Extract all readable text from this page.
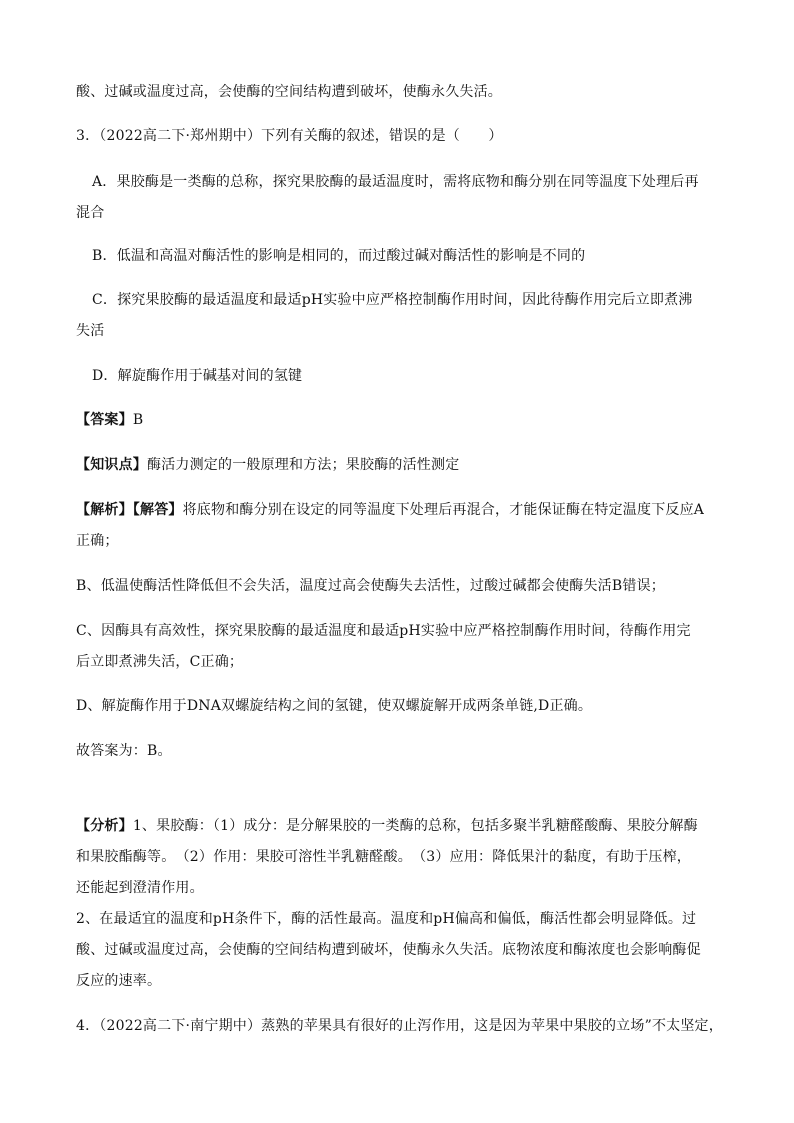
酸、过碱或温度过高，会使酶的空间结构遭到破坏，使酶永久失活。
3．（2022高二下·郑州期中）下列有关酶的叙述，错误的是（　　）
A．果胶酶是一类酶的总称，探究果胶酶的最适温度时，需将底物和酶分别在同等温度下处理后再
混合
B．低温和高温对酶活性的影响是相同的，而过酸过碱对酶活性的影响是不同的
C．探究果胶酶的最适温度和最适pH实验中应严格控制酶作用时间，因此待酶作用完后立即煮沸
失活
D．解旋酶作用于碱基对间的氢键
【答案】B
【知识点】酶活力测定的一般原理和方法；果胶酶的活性测定
【解析】【解答】将底物和酶分别在设定的同等温度下处理后再混合，才能保证酶在特定温度下反应A
正确；
B、低温使酶活性降低但不会失活，温度过高会使酶失去活性，过酸过碱都会使酶失活B错误；
C、因酶具有高效性，探究果胶酶的最适温度和最适pH实验中应严格控制酶作用时间，待酶作用完
后立即煮沸失活，C正确；
D、解旋酶作用于DNA双螺旋结构之间的氢键，使双螺旋解开成两条单链,D正确。
故答案为：B。
【分析】1、果胶酶：（1）成分：是分解果胶的一类酶的总称，包括多聚半乳糖醛酸酶、果胶分解酶
和果胶酯酶等。　（2）作用：果胶可溶性半乳糖醛酸。　（3）应用：降低果汁的黏度，有助于压榨，
还能起到澄清作用。
2、在最适宜的温度和pH条件下，酶的活性最高。温度和pH偏高和偏低，酶活性都会明显降低。过
酸、过碱或温度过高，会使酶的空间结构遭到破坏，使酶永久失活。底物浓度和酶浓度也会影响酶促
反应的速率。
4．（2022高二下·南宁期中）蒸熟的苹果具有很好的止泻作用，这是因为苹果中果胶的立场”不太坚定，
